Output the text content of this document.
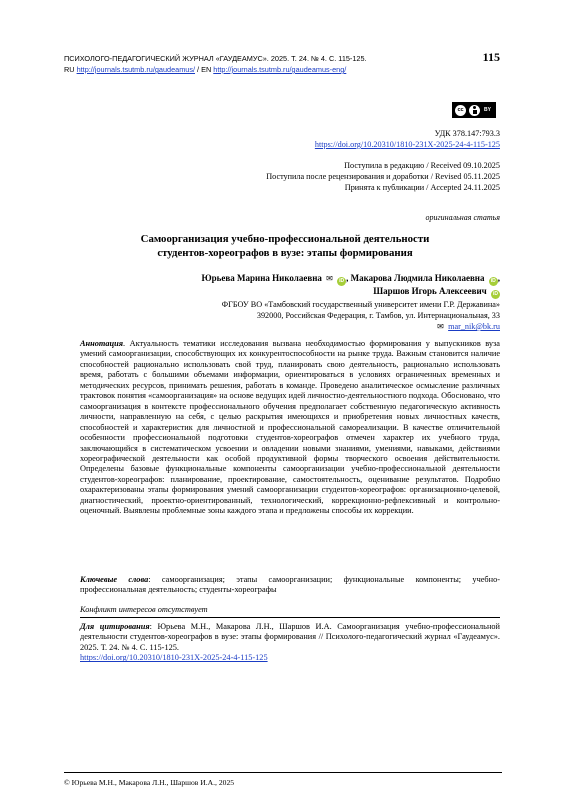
ПСИХОЛОГО-ПЕДАГОГИЧЕСКИЙ ЖУРНАЛ «ГАУДЕАМУС». 2025. Т. 24. № 4. С. 115-125.
RU http://journals.tsutmb.ru/gaudeamus/ / EN http://journals.tsutmb.ru/gaudeamus-eng/
115
cc	BY
УДК 378.147:793.3
https://doi.org/10.20310/1810-231X-2025-24-4-115-125
Поступила в редакцию / Received 09.10.2025
Поступила после рецензирования и доработки / Revised 05.11.2025
Принята к публикации / Accepted 24.11.2025
оригинальная статья
Самоорганизация учебно-профессиональной деятельности
студентов-хореографов в вузе: этапы формирования
Юрьева Марина Николаевна ✉ iD , Макарова Людмила Николаевна iD ,
Шаршов Игорь Алексеевич iD
ФГБОУ ВО «Тамбовский государственный университет имени Г.Р. Державина»
392000, Российская Федерация, г. Тамбов, ул. Интернациональная, 33
✉ mar_nik@bk.ru
Аннотация. Актуальность тематики исследования вызвана необходимостью формирования у выпускников вуза умений самоорганизации, способствующих их конкурентоспособности на рынке труда. Важным становится наличие способностей рационально использовать свой труд, планировать свою деятельность, рационально использовать время, работать с большими объемами информации, ориентироваться в условиях ограниченных временных и методических ресурсов, принимать решения, работать в команде. Проведено аналитическое осмысление различных трактовок понятия «самоорганизация» на основе ведущих идей личностно-деятельностного подхода. Обосновано, что самоорганизация в контексте профессионального обучения предполагает собственную педагогическую активность личности, направленную на себя, с целью раскрытия имеющихся и приобретения новых личностных качеств, способностей и характеристик для личностной и профессиональной самореализации. В качестве отличительной особенности профессиональной подготовки студентов-хореографов отмечен характер их учебного труда, заключающийся в систематическом усвоении и овладении новыми знаниями, умениями, навыками, действиями хореографической деятельности как особой продуктивной формы творческого освоения действительности. Определены базовые функциональные компоненты самоорганизации учебно-профессиональной деятельности студентов-хореографов: планирование, проектирование, самостоятельность, оценивание результатов. Подробно охарактеризованы этапы формирования умений самоорганизации студентов-хореографов: организационно-целевой, диагностический, проектно-ориентированный, технологический, коррекционно-рефлексивный и контрольно-оценочный. Выявлены проблемные зоны каждого этапа и предложены способы их коррекции.
Ключевые слова: самоорганизация; этапы самоорганизации; функциональные компоненты; учебно-профессиональная деятельность; студенты-хореографы
Конфликт интересов отсутствует
Для цитирования: Юрьева М.Н., Макарова Л.Н., Шаршов И.А. Самоорганизация учебно-профессиональной деятельности студентов-хореографов в вузе: этапы формирования // Психолого-педагогический журнал «Гаудеамус». 2025. Т. 24. № 4. С. 115-125.
https://doi.org/10.20310/1810-231X-2025-24-4-115-125
© Юрьева М.Н., Макарова Л.Н., Шаршов И.А., 2025
